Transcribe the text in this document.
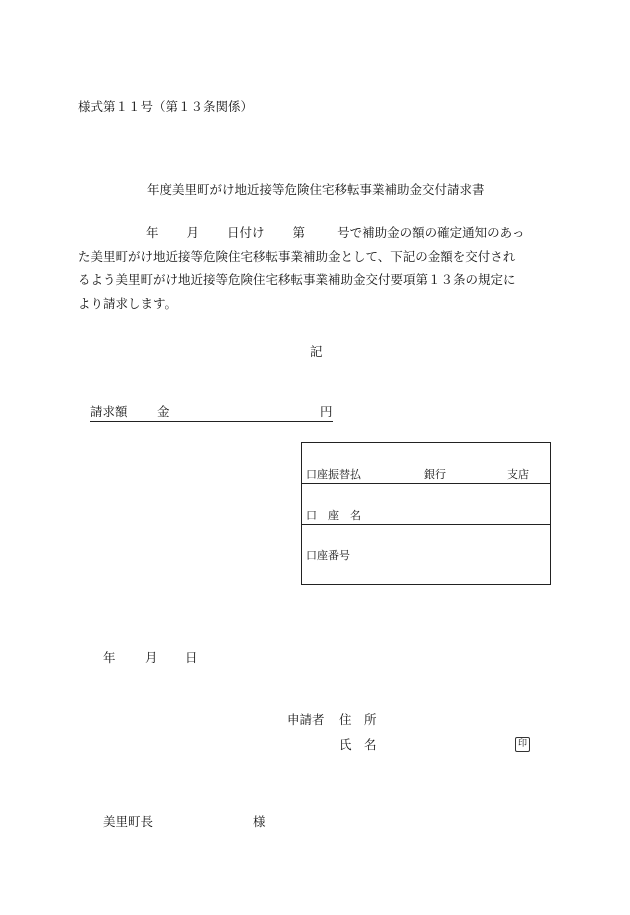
様式第１１号（第１３条関係）
年度美里町がけ地近接等危険住宅移転事業補助金交付請求書
年 月 日付け 第	号で補助金の額の確定通知のあっ
た美里町がけ地近接等危険住宅移転事業補助金として、下記の金額を交付され
るよう美里町がけ地近接等危険住宅移転事業補助金交付要項第１３条の規定に
より請求します。
記
請求額 金	円
口座振替払	銀行	支店
口　座　名
口座番号
年 月 日
申請者 住　所
氏　名	印
美里町長	様
